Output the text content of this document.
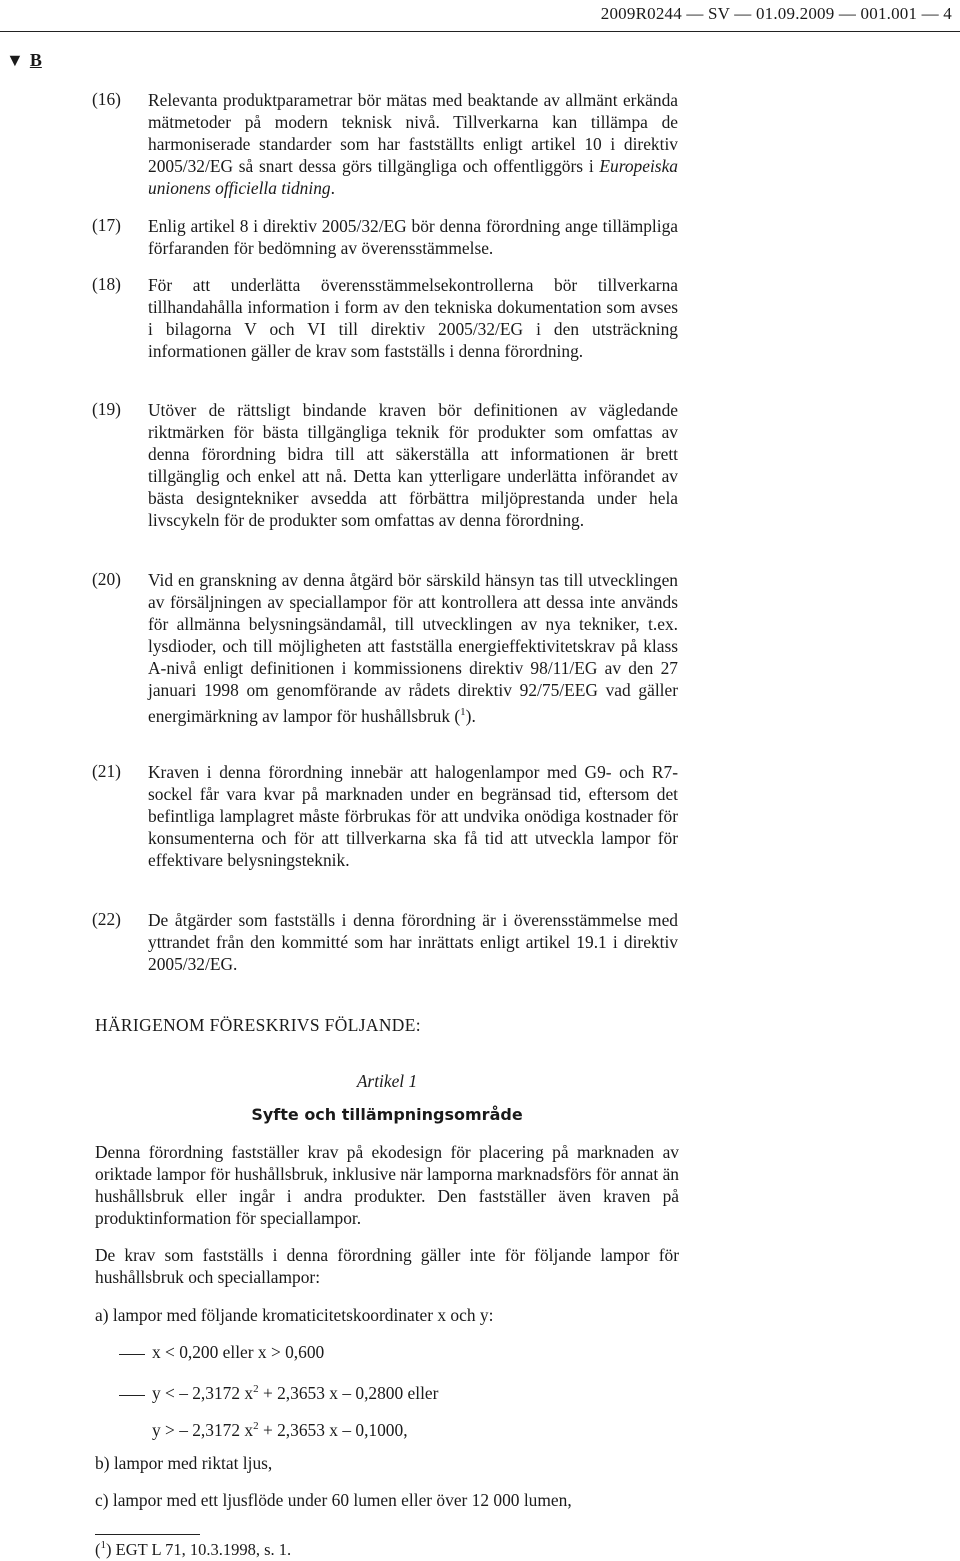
2009R0244 — SV — 01.09.2009 — 001.001 — 4
▼ B
(16)	Relevanta produktparametrar bör mätas med beaktande av allmänt erkända mätmetoder på modern teknisk nivå. Tillverkarna kan tillämpa de harmoniserade standarder som har fastställts enligt artikel 10 i direktiv 2005/32/EG så snart dessa görs tillgängliga och offentliggörs i Europeiska unionens officiella tidning.
(17)	Enlig artikel 8 i direktiv 2005/32/EG bör denna förordning ange tillämpliga förfaranden för bedömning av överensstämmelse.
(18)	För att underlätta överensstämmelsekontrollerna bör tillverkarna tillhandahålla information i form av den tekniska dokumentation som avses i bilagorna V och VI till direktiv 2005/32/EG i den utsträckning informationen gäller de krav som fastställs i denna förordning.
(19)	Utöver de rättsligt bindande kraven bör definitionen av vägledande riktmärken för bästa tillgängliga teknik för produkter som omfattas av denna förordning bidra till att säkerställa att informationen är brett tillgänglig och enkel att nå. Detta kan ytterligare underlätta införandet av bästa designtekniker avsedda att förbättra miljöprestanda under hela livscykeln för de produkter som omfattas av denna förordning.
(20)	Vid en granskning av denna åtgärd bör särskild hänsyn tas till utvecklingen av försäljningen av speciallampor för att kontrollera att dessa inte används för allmänna belysningsändamål, till utvecklingen av nya tekniker, t.ex. lysdioder, och till möjligheten att fastställa energieffektivitetskrav på klass A-nivå enligt definitionen i kommissionens direktiv 98/11/EG av den 27 januari 1998 om genomförande av rådets direktiv 92/75/EEG vad gäller energimärkning av lampor för hushållsbruk ($^1$).
(21)	Kraven i denna förordning innebär att halogenlampor med G9- och R7-sockel får vara kvar på marknaden under en begränsad tid, eftersom det befintliga lamplagret måste förbrukas för att undvika onödiga kostnader för konsumenterna och för att tillverkarna ska få tid att utveckla lampor för effektivare belysningsteknik.
(22)	De åtgärder som fastställs i denna förordning är i överensstämmelse med yttrandet från den kommitté som har inrättats enligt artikel 19.1 i direktiv 2005/32/EG.
HÄRIGENOM FÖRESKRIVS FÖLJANDE:
Artikel 1
Syfte och tillämpningsområde
Denna förordning fastställer krav på ekodesign för placering på marknaden av oriktade lampor för hushållsbruk, inklusive när lamporna marknadsförs för annat än hushållsbruk eller ingår i andra produkter. Den fastställer även kraven på produktinformation för speciallampor.
De krav som fastställs i denna förordning gäller inte för följande lampor för hushållsbruk och speciallampor:
a) lampor med följande kromaticitetskoordinater x och y:
x < 0,200 eller x > 0,600
y < – 2,3172 $x^2 + 2,3653$ x – 0,2800 eller
y > – 2,3172 $x^2 + 2,3653$ x – 0,1000,
b) lampor med riktat ljus,
c) lampor med ett ljusflöde under 60 lumen eller över 12 000 lumen,
($^1$) EGT L 71, 10.3.1998, s. 1.
